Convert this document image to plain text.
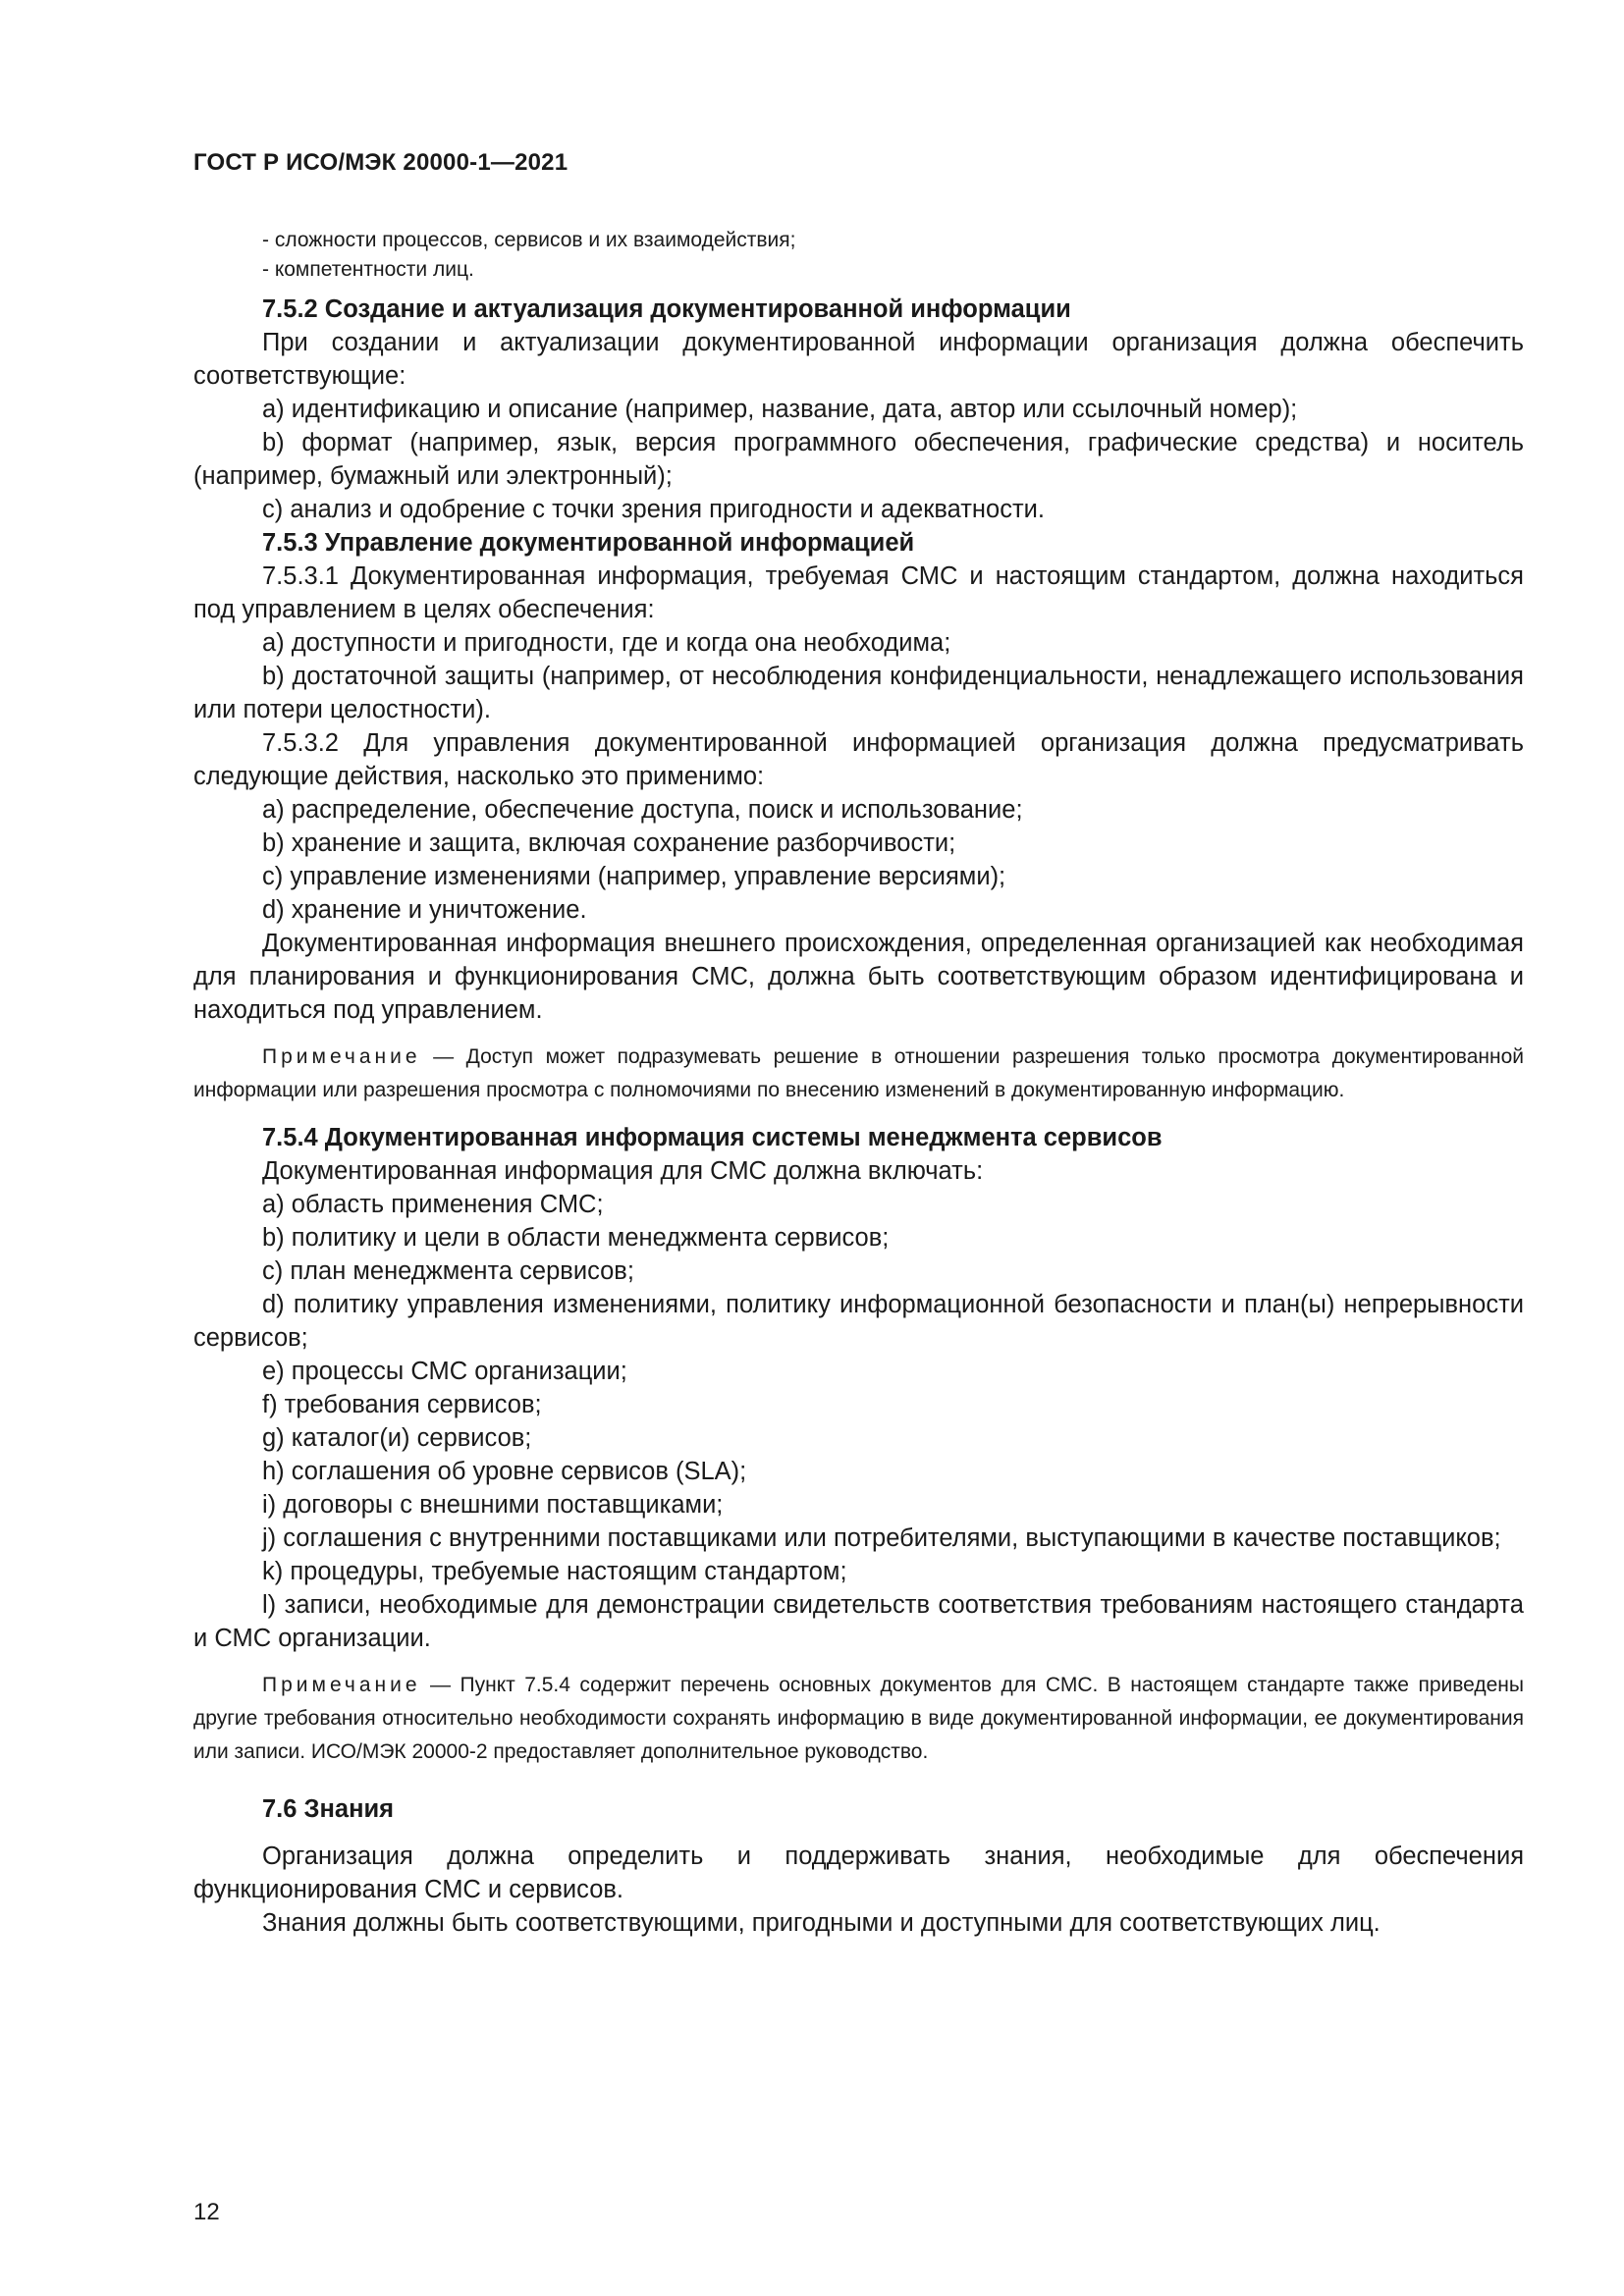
ГОСТ Р ИСО/МЭК 20000-1—2021

- сложности процессов, сервисов и их взаимодействия;

- компетентности лиц.

7.5.2 Создание и актуализация документированной информации

При создании и актуализации документированной информации организация должна обеспечить соответствующие:

a) идентификацию и описание (например, название, дата, автор или ссылочный номер);

b) формат (например, язык, версия программного обеспечения, графические средства) и носитель (например, бумажный или электронный);

c) анализ и одобрение с точки зрения пригодности и адекватности.

7.5.3 Управление документированной информацией

7.5.3.1 Документированная информация, требуемая СМС и настоящим стандартом, должна находиться под управлением в целях обеспечения:

a) доступности и пригодности, где и когда она необходима;

b) достаточной защиты (например, от несоблюдения конфиденциальности, ненадлежащего использования или потери целостности).

7.5.3.2 Для управления документированной информацией организация должна предусматривать следующие действия, насколько это применимо:

a) распределение, обеспечение доступа, поиск и использование;

b) хранение и защита, включая сохранение разборчивости;

c) управление изменениями (например, управление версиями);

d) хранение и уничтожение.

Документированная информация внешнего происхождения, определенная организацией как необходимая для планирования и функционирования СМС, должна быть соответствующим образом идентифицирована и находиться под управлением.

Примечание — Доступ может подразумевать решение в отношении разрешения только просмотра документированной информации или разрешения просмотра с полномочиями по внесению изменений в документированную информацию.

7.5.4 Документированная информация системы менеджмента сервисов

Документированная информация для СМС должна включать:

a) область применения СМС;

b) политику и цели в области менеджмента сервисов;

c) план менеджмента сервисов;

d) политику управления изменениями, политику информационной безопасности и план(ы) непрерывности сервисов;

e) процессы СМС организации;

f) требования сервисов;

g) каталог(и) сервисов;

h) соглашения об уровне сервисов (SLA);

i) договоры с внешними поставщиками;

j) соглашения с внутренними поставщиками или потребителями, выступающими в качестве поставщиков;

k) процедуры, требуемые настоящим стандартом;

l) записи, необходимые для демонстрации свидетельств соответствия требованиям настоящего стандарта и СМС организации.

Примечание — Пункт 7.5.4 содержит перечень основных документов для СМС. В настоящем стандарте также приведены другие требования относительно необходимости сохранять информацию в виде документированной информации, ее документирования или записи. ИСО/МЭК 20000-2 предоставляет дополнительное руководство.

7.6 Знания

Организация должна определить и поддерживать знания, необходимые для обеспечения функционирования СМС и сервисов.

Знания должны быть соответствующими, пригодными и доступными для соответствующих лиц.

12
